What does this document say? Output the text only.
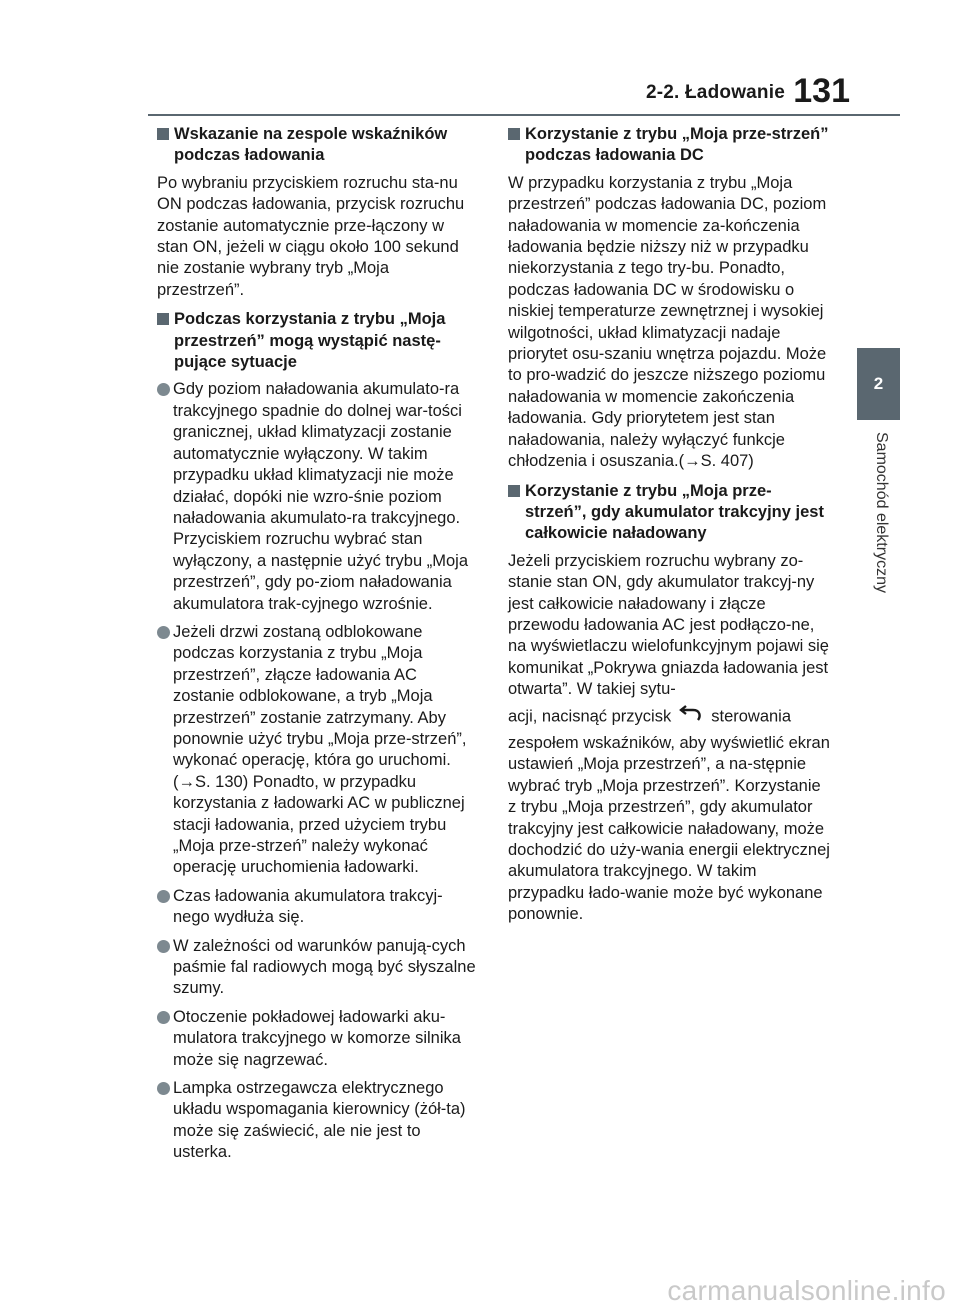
2-2. Ładowanie 131
2
Samochód elektryczny
Wskazanie na zespole wskaźników podczas ładowania
Po wybraniu przyciskiem rozruchu sta-nu ON podczas ładowania, przycisk rozruchu zostanie automatycznie prze-łączony w stan ON, jeżeli w ciągu około 100 sekund nie zostanie wybrany tryb „Moja przestrzeń”.
Podczas korzystania z trybu „Moja przestrzeń” mogą wystąpić nastę-pujące sytuacje
Gdy poziom naładowania akumulato-ra trakcyjnego spadnie do dolnej war-tości granicznej, układ klimatyzacji zostanie automatycznie wyłączony. W takim przypadku układ klimatyzacji nie może działać, dopóki nie wzro-śnie poziom naładowania akumulato-ra trakcyjnego. Przyciskiem rozruchu wybrać stan wyłączony, a następnie użyć trybu „Moja przestrzeń”, gdy po-ziom naładowania akumulatora trak-cyjnego wzrośnie.
Jeżeli drzwi zostaną odblokowane podczas korzystania z trybu „Moja przestrzeń”, złącze ładowania AC zostanie odblokowane, a tryb „Moja przestrzeń” zostanie zatrzymany. Aby ponownie użyć trybu „Moja prze-strzeń”, wykonać operację, która go uruchomi. (→S. 130) Ponadto, w przypadku korzystania z ładowarki AC w publicznej stacji ładowania, przed użyciem trybu „Moja prze-strzeń” należy wykonać operację uruchomienia ładowarki.
Czas ładowania akumulatora trakcyj-nego wydłuża się.
W zależności od warunków panują-cych paśmie fal radiowych mogą być słyszalne szumy.
Otoczenie pokładowej ładowarki aku-mulatora trakcyjnego w komorze silnika może się nagrzewać.
Lampka ostrzegawcza elektrycznego układu wspomagania kierownicy (żół-ta) może się zaświecić, ale nie jest to usterka.
Korzystanie z trybu „Moja prze-strzeń” podczas ładowania DC
W przypadku korzystania z trybu „Moja przestrzeń” podczas ładowania DC, poziom naładowania w momencie za-kończenia ładowania będzie niższy niż w przypadku niekorzystania z tego try-bu. Ponadto, podczas ładowania DC w środowisku o niskiej temperaturze zewnętrznej i wysokiej wilgotności, układ klimatyzacji nadaje priorytet osu-szaniu wnętrza pojazdu. Może to pro-wadzić do jeszcze niższego poziomu naładowania w momencie zakończenia ładowania. Gdy priorytetem jest stan naładowania, należy wyłączyć funkcje chłodzenia i osuszania.(→S. 407)
Korzystanie z trybu „Moja prze-strzeń”, gdy akumulator trakcyjny jest całkowicie naładowany

Jeżeli przyciskiem rozruchu wybrany zo-stanie stan ON, gdy akumulator trakcyj-ny jest całkowicie naładowany i złącze przewodu ładowania AC jest podłączo-ne, na wyświetlaczu wielofunkcyjnym pojawi się komunikat „Pokrywa gniazda ładowania jest otwarta”. W takiej sytu-

acji, nacisnąć przycisk sterowania

zespołem wskaźników, aby wyświetlić ekran ustawień „Moja przestrzeń”, a na-stępnie wybrać tryb „Moja przestrzeń”. Korzystanie z trybu „Moja przestrzeń”, gdy akumulator trakcyjny jest całkowicie naładowany, może dochodzić do uży-wania energii elektrycznej akumulatora trakcyjnego. W takim przypadku łado-wanie może być wykonane ponownie.

carmanualsonline.info
